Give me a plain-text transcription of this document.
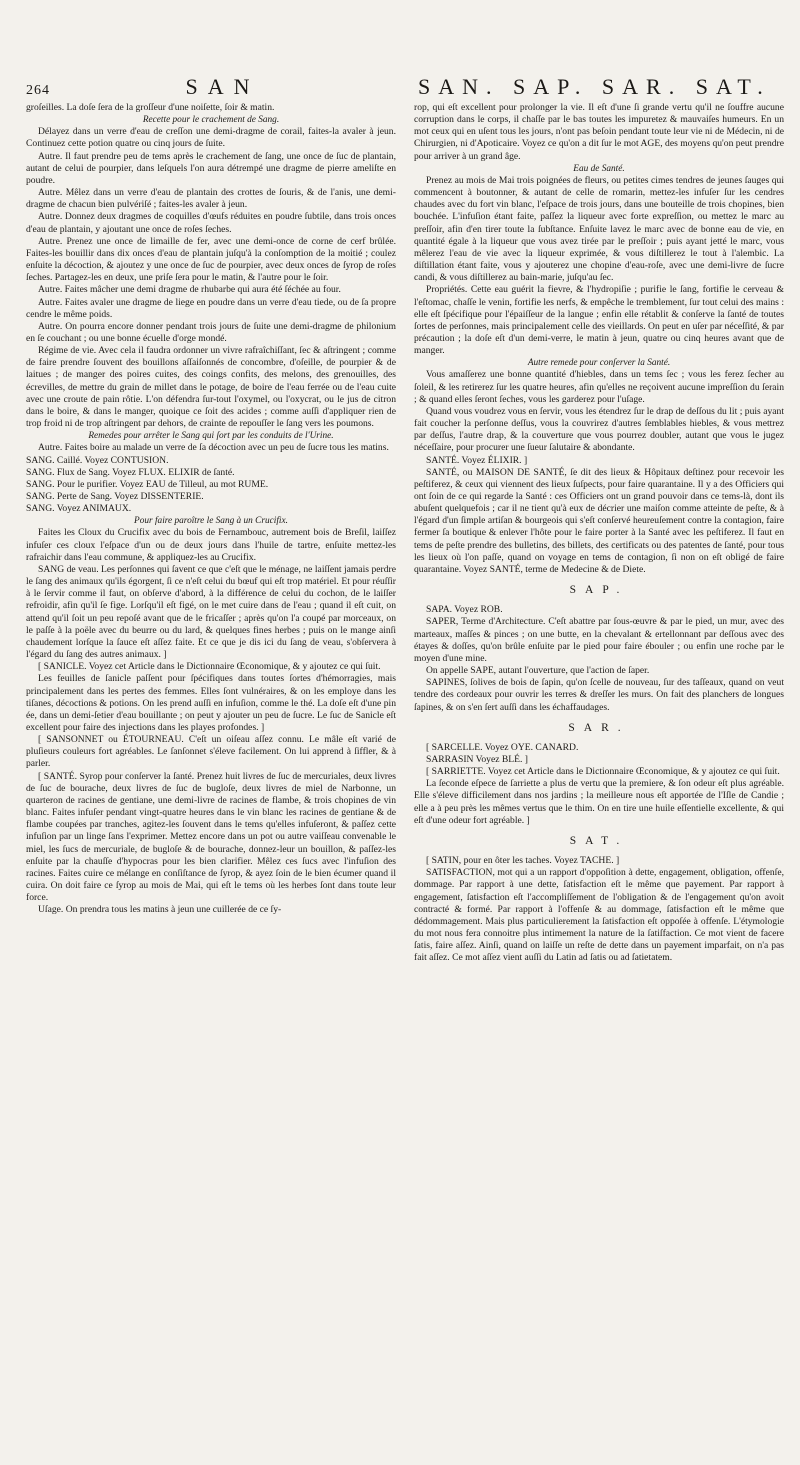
264	SAN	SAN. SAP. SAR. SAT.

groſeilles. La doſe ſera de la groſſeur d'une noiſette, ſoir & matin.

Recette pour le crachement de Sang.

Délayez dans un verre d'eau de creſſon une demi-dragme de corail, faites-la avaler à jeun. Continuez cette potion quatre ou cinq jours de ſuite.

Autre. Il faut prendre peu de tems après le crachement de ſang, une once de ſuc de plantain, autant de celui de pourpier, dans leſquels l'on aura détrempé une dragme de pierre ameliſte en poudre.

Autre. Mêlez dans un verre d'eau de plantain des crottes de ſouris, & de l'anis, une demi-dragme de chacun bien pulvériſé ; faites-les avaler à jeun.

Autre. Donnez deux dragmes de coquilles d'œufs réduites en poudre ſubtile, dans trois onces d'eau de plantain, y ajoutant une once de roſes ſeches.

Autre. Prenez une once de limaille de fer, avec une demi-once de corne de cerf brûlée. Faites-les bouillir dans dix onces d'eau de plantain juſqu'à la conſomption de la moitié ; coulez enſuite la décoction, & ajoutez y une once de ſuc de pourpier, avec deux onces de ſyrop de roſes ſeches. Partagez-les en deux, une priſe ſera pour le matin, & l'autre pour le ſoir.

Autre. Faites mâcher une demi dragme de rhubarbe qui aura été ſéchée au four.

Autre. Faites avaler une dragme de liege en poudre dans un verre d'eau tiede, ou de ſa propre cendre le même poids.

Autre. On pourra encore donner pendant trois jours de ſuite une demi-dragme de philonium en ſe couchant ; ou une bonne écuelle d'orge mondé.

Régime de vie. Avec cela il faudra ordonner un vivre rafraîchiſſant, ſec & aſtringent ; comme de faire prendre ſouvent des bouillons aſſaiſonnés de concombre, d'oſeille, de pourpier & de laitues ; de manger des poires cuites, des coings confits, des melons, des grenouilles, des écrevilles, de mettre du grain de millet dans le potage, de boire de l'eau ferrée ou de l'eau cuite avec une croute de pain rôtie. L'on défendra ſur-tout l'oxymel, ou l'oxycrat, ou le jus de citron dans le boire, & dans le manger, quoique ce ſoit des acides ; comme auſſi d'appliquer rien de trop froid ni de trop aſtringent par dehors, de crainte de repouſſer le ſang vers les poumons.

Remedes pour arrêter le Sang qui ſort par les conduits de l'Urine.

Autre. Faites boire au malade un verre de ſa décoction avec un peu de ſucre tous les matins.

SANG. Caillé. Voyez CONTUSION.

SANG. Flux de Sang. Voyez FLUX. ELIXIR de ſanté.

SANG. Pour le purifier. Voyez EAU de Tilleul, au mot RUME.

SANG. Perte de Sang. Voyez DISSENTERIE.

SANG. Voyez ANIMAUX.

Pour faire paroître le Sang à un Crucifix.

Faites les Cloux du Crucifix avec du bois de Fernambouc, autrement bois de Breſil, laiſſez infuſer ces cloux l'eſpace d'un ou de deux jours dans l'huile de tartre, enſuite mettez-les rafraichir dans l'eau commune, & appliquez-les au Crucifix.

SANG de veau. Les perſonnes qui ſavent ce que c'eſt que le ménage, ne laiſſent jamais perdre le ſang des animaux qu'ils égorgent, ſi ce n'eſt celui du bœuf qui eſt trop matériel. Et pour réuſſir à le ſervir comme il faut, on obſerve d'abord, à la différence de celui du cochon, de le laiſſer refroidir, afin qu'il ſe fige. Lorſqu'il eſt figé, on le met cuire dans de l'eau ; quand il eſt cuit, on attend qu'il ſoit un peu repoſé avant que de le fricaſſer ; après qu'on l'a coupé par morceaux, on le paſſe à la poële avec du beurre ou du lard, & quelques fines herbes ; puis on le mange ainſi chaudement lorſque la ſauce eſt aſſez faite. Et ce que je dis ici du ſang de veau, s'obſervera à l'égard du ſang des autres animaux. ]

[ SANICLE. Voyez cet Article dans le Dictionnaire Œconomique, & y ajoutez ce qui ſuit.

Les feuilles de ſanicle paſſent pour ſpécifiques dans toutes ſortes d'hémorragies, mais principalement dans les pertes des femmes. Elles ſont vulnéraires, & on les employe dans les tiſanes, décoctions & potions. On les prend auſſi en infuſion, comme le thé. La doſe eſt d'une pin ée, dans un demi-ſetier d'eau bouillante ; on peut y ajouter un peu de ſucre. Le ſuc de Sanicle eſt excellent pour faire des injections dans les playes profondes. ]

[ SANSONNET ou ÉTOURNEAU. C'eſt un oiſeau aſſez connu. Le mâle eſt varié de pluſieurs couleurs fort agréables. Le ſanſonnet s'éleve facilement. On lui apprend à ſiffler, & à parler.

[ SANTÉ. Syrop pour conſerver la ſanté. Prenez huit livres de ſuc de mercuriales, deux livres de ſuc de bourache, deux livres de ſuc de bugloſe, deux livres de miel de Narbonne, un quarteron de racines de gentiane, une demi-livre de racines de flambe, & trois chopines de vin blanc. Faites infuſer pendant vingt-quatre heures dans le vin blanc les racines de gentiane & de flambe coupées par tranches, agitez-les ſouvent dans le tems qu'elles infuſeront, & paſſez cette infuſion par un linge ſans l'exprimer. Mettez encore dans un pot ou autre vaiſſeau convenable le miel, les ſucs de mercuriale, de bugloſe & de bourache, donnez-leur un bouillon, & paſſez-les enſuite par la chauſſe d'hypocras pour les bien clarifier. Mêlez ces ſucs avec l'infuſion des racines. Faites cuire ce mélange en conſiſtance de ſyrop, & ayez ſoin de le bien écumer quand il cuira. On doit faire ce ſyrop au mois de Mai, qui eſt le tems où les herbes ſont dans toute leur force.

Uſage. On prendra tous les matins à jeun une cuillerée de ce ſy-

rop, qui eſt excellent pour prolonger la vie. Il eſt d'une ſi grande vertu qu'il ne ſouffre aucune corruption dans le corps, il chaſſe par le bas toutes les impuretez & mauvaiſes humeurs. En un mot ceux qui en uſent tous les jours, n'ont pas beſoin pendant toute leur vie ni de Médecin, ni de Chirurgien, ni d'Apoticaire. Voyez ce qu'on a dit ſur le mot AGE, des moyens qu'on peut prendre pour arriver à un grand âge.

Eau de Santé.

Prenez au mois de Mai trois poignées de fleurs, ou petites cimes tendres de jeunes ſauges qui commencent à boutonner, & autant de celle de romarin, mettez-les infuſer ſur les cendres chaudes avec du fort vin blanc, l'eſpace de trois jours, dans une bouteille de trois chopines, bien bouchée. L'infuſion étant faite, paſſez la liqueur avec forte expreſſion, ou mettez le marc au preſſoir, afin d'en tirer toute la ſubſtance. Enſuite lavez le marc avec de bonne eau de vie, en quantité égale à la liqueur que vous avez tirée par le preſſoir ; puis ayant jetté le marc, vous mêlerez l'eau de vie avec la liqueur exprimée, & vous diſtillerez le tout à l'alembic. La diſtillation étant faite, vous y ajouterez une chopine d'eau-roſe, avec une demi-livre de ſucre candi, & vous diſtillerez au bain-marie, juſqu'au ſec.

Propriétés. Cette eau guérit la fievre, & l'hydropiſie ; purifie le ſang, fortifie le cerveau & l'eſtomac, chaſſe le venin, fortifie les nerfs, & empêche le tremblement, ſur tout celui des mains : elle eſt ſpécifique pour l'épaiſſeur de la langue ; enfin elle rétablit & conſerve la ſanté de toutes ſortes de perſonnes, mais principalement celle des vieillards. On peut en uſer par néceſſité, & par précaution ; la doſe eſt d'un demi-verre, le matin à jeun, quatre ou cinq heures avant que de manger.

Autre remede pour conſerver la Santé.

Vous amaſſerez une bonne quantité d'hiebles, dans un tems ſec ; vous les ferez ſecher au ſoleil, & les retirerez ſur les quatre heures, afin qu'elles ne reçoivent aucune impreſſion du ſerain ; & quand elles ſeront ſeches, vous les garderez pour l'uſage.

Quand vous voudrez vous en ſervir, vous les étendrez ſur le drap de deſſous du lit ; puis ayant fait coucher la perſonne deſſus, vous la couvrirez d'autres ſemblables hiebles, & vous mettrez par deſſus, l'autre drap, & la couverture que vous pourrez doubler, autant que vous le jugez néceſſaire, pour procurer une ſueur ſalutaire & abondante.

SANTÉ. Voyez ÉLIXIR. ]

SANTÉ, ou MAISON DE SANTÉ, ſe dit des lieux & Hôpitaux deſtinez pour recevoir les peſtiferez, & ceux qui viennent des lieux ſuſpects, pour faire quarantaine. Il y a des Officiers qui ont ſoin de ce qui regarde la Santé : ces Officiers ont un grand pouvoir dans ce tems-là, dont ils abuſent quelquefois ; car il ne tient qu'à eux de décrier une maiſon comme atteinte de peſte, & à l'égard d'un ſimple artiſan & bourgeois qui s'eſt conſervé heureuſement contre la contagion, faire fermer ſa boutique & enlever l'hôte pour le faire porter à la Santé avec les peſtiferez. Il faut en tems de peſte prendre des bulletins, des billets, des certificats ou des patentes de ſanté, pour tous les lieux où l'on paſſe, quand on voyage en tems de contagion, ſi non on eſt obligé de faire quarantaine. Voyez SANTÉ, terme de Medecine & de Diete.

SAP.

SAPA. Voyez ROB.

SAPER, Terme d'Architecture. C'eſt abattre par ſous-œuvre & par le pied, un mur, avec des marteaux, maſſes & pinces ; on une butte, en la chevalant & ertellonnant par deſſous avec des étayes & doſſes, qu'on brûle enſuite par le pied pour faire ébouler ; ou enfin une roche par le moyen d'une mine.

On appelle SAPE, autant l'ouverture, que l'action de ſaper.

SAPINES, ſolives de bois de ſapin, qu'on ſcelle de nouveau, ſur des taſſeaux, quand on veut tendre des cordeaux pour ouvrir les terres & dreſſer les murs. On fait des planchers de longues ſapines, & on s'en ſert auſſi dans les échaffaudages.

SAR.

[ SARCELLE. Voyez OYE. CANARD.

SARRASIN Voyez BLÉ. ]

[ SARRIETTE. Voyez cet Article dans le Dictionnaire Œconomique, & y ajoutez ce qui ſuit.

La ſeconde eſpece de ſarriette a plus de vertu que la premiere, & ſon odeur eſt plus agréable. Elle s'éleve difficilement dans nos jardins ; la meilleure nous eſt apportée de l'Iſle de Candie ; elle a à peu près les mêmes vertus que le thim. On en tire une huile eſſentielle excellente, & qui eſt d'une odeur fort agréable. ]

SAT.

[ SATIN, pour en ôter les taches. Voyez TACHE. ]

SATISFACTION, mot qui a un rapport d'oppoſition à dette, engagement, obligation, offenſe, dommage. Par rapport à une dette, ſatisfaction eſt le même que payement. Par rapport à engagement, ſatisfaction eſt l'accompliſſement de l'obligation & de l'engagement qu'on avoit contracté & formé. Par rapport à l'offenſe & au dommage, ſatisfaction eſt le même que dédommagement. Mais plus particulierement la ſatisfaction eſt oppoſée à offenſe. L'étymologie du mot nous fera connoitre plus intimement la nature de la ſatiſfaction. Ce mot vient de facere ſatis, faire aſſez. Ainſi, quand on laiſſe un reſte de dette dans un payement imparfait, on n'a pas fait aſſez. Ce mot aſſez vient auſſi du Latin ad ſatis ou ad ſatietatem.
